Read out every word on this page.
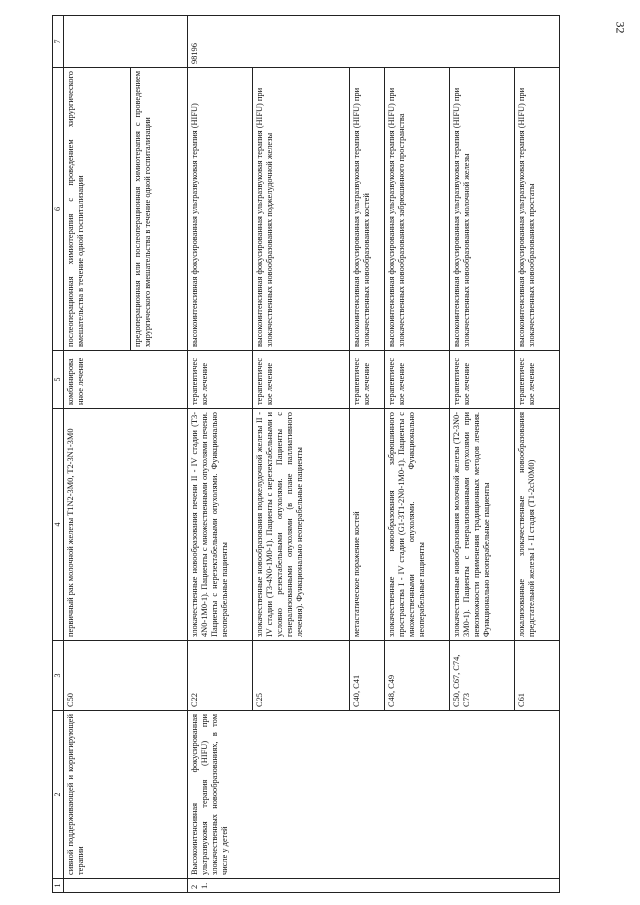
32
1	2	3	4	5	6	7
	сивной поддерживающей и корригирующей терапии	C50	первичный рак молочной железы T1N2-3M0, T2-3N1-3M0	комбинированное лечение	послеоперационная химиотерапия с проведением хирургического вмешательства в течение одной госпитализации	
					предоперационная или послеоперационная химиотерапия с проведением хирургического вмешательства в течение одной госпитализации	
21.	Высокоинтенсивная фокусированная ультразвуковая терапия (HIFU) при злокачественных новообразованиях, в том числе у детей	C22	злокачественные новообразования печени II - IV стадии (T3-4N0-1M0-1). Пациенты с множественными опухолями печени. Пациенты с нерезектабельными опухолями. Функционально неоперабельные пациенты	терапевтическое лечение	высокоинтенсивная фокусированная ультразвуковая терапия (HIFU)	98196
		C25	злокачественные новообразования поджелудочной железы II - IV стадии (T3-4N0-1M0-1). Пациенты с нерезектабельными и условно резектабельными опухолями. Пациенты с генерализованными опухолями (в плане паллиативного лечения). Функционально неоперабельные пациенты	терапевтическое лечение	высокоинтенсивная фокусированная ультразвуковая терапия (HIFU) при злокачественных новообразованиях поджелудочной железы	
		C40, C41	метастатическое поражение костей	терапевтическое лечение	высокоинтенсивная фокусированная ультразвуковая терапия (HIFU) при злокачественных новообразованиях костей	
		C48, C49	злокачественные новообразования забрюшинного пространства I - IV стадии (G1-3T1-2N0-1M0-1). Пациенты с множественными опухолями. Функционально неоперабельные пациенты	терапевтическое лечение	высокоинтенсивная фокусированная ультразвуковая терапия (HIFU) при злокачественных новообразованиях забрюшинного пространства	
		C50, C67, C74, C73	злокачественные новообразования молочной железы (T2-3N0-3M0-1). Пациенты с генерализованными опухолями при невозможности применения традиционных методов лечения. Функционально неоперабельные пациенты	терапевтическое лечение	высокоинтенсивная фокусированная ультразвуковая терапия (HIFU) при злокачественных новообразованиях молочной железы	
		C61	локализованные злокачественные новообразования предстательной железы I - II стадия (T1-2cN0M0)	терапевтическое лечение	высокоинтенсивная фокусированная ультразвуковая терапия (HIFU) при злокачественных новообразованиях простаты	
